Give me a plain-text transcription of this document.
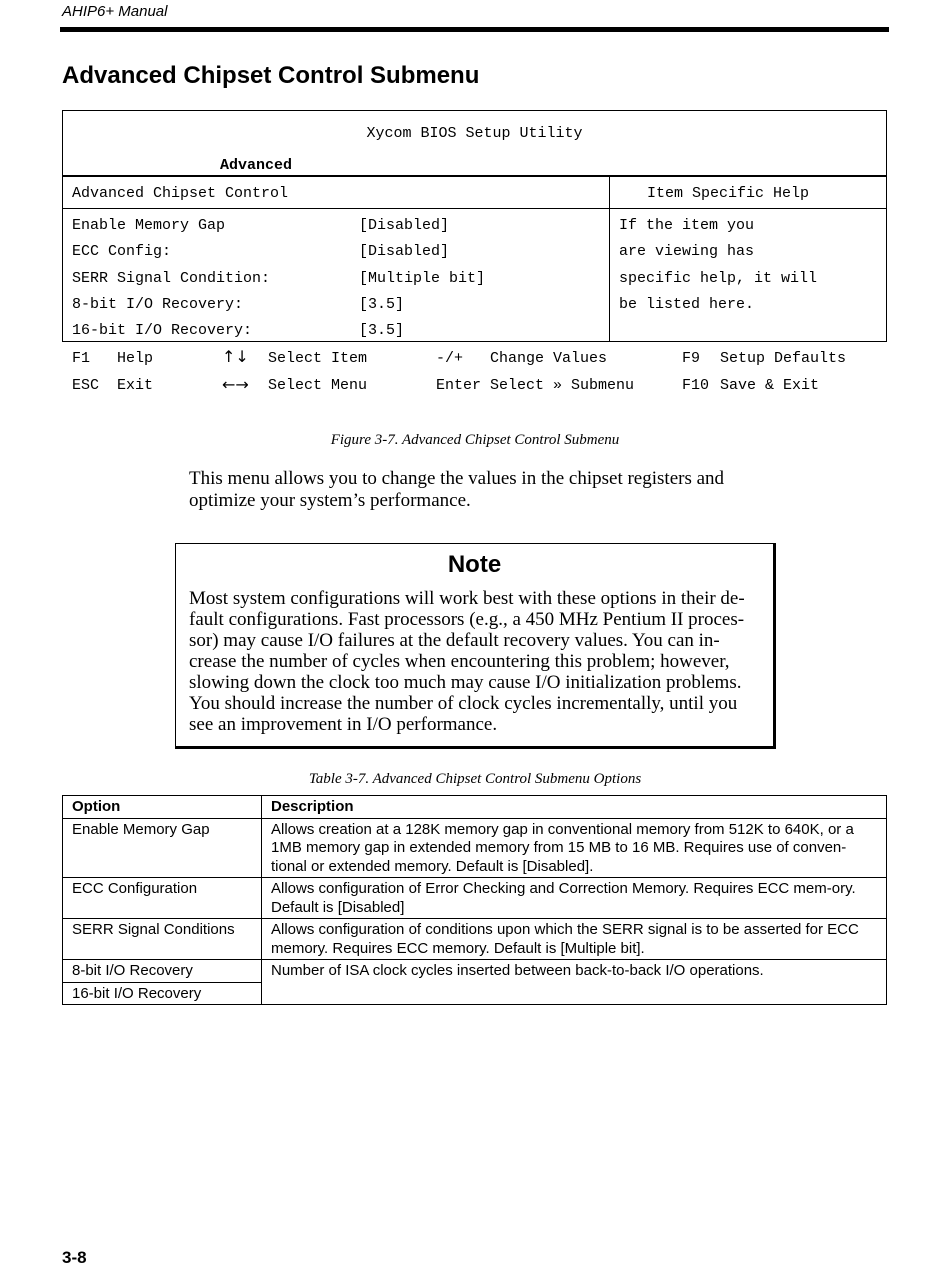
AHIP6+ Manual
Advanced Chipset Control Submenu
Xycom BIOS Setup Utility
Advanced
Advanced Chipset Control	Item Specific Help
Enable Memory Gap	[Disabled]
ECC Config:	[Disabled]
SERR Signal Condition:	[Multiple bit]
8-bit I/O Recovery:	[3.5]
16-bit I/O Recovery:	[3.5]
If the item you
are viewing has
specific help, it will
be listed here.
F1 Help
ESC Exit
↑↓ Select Item
←→ Select Menu
-/+ Change Values
Enter Select » Submenu
F9 Setup Defaults
F10 Save & Exit
Figure 3-7. Advanced Chipset Control Submenu

This menu allows you to change the values in the chipset registers and optimize your system’s performance.

Note
Most system configurations will work best with these options in their de-
fault configurations. Fast processors (e.g., a 450 MHz Pentium II proces-
sor) may cause I/O failures at the default recovery values. You can in-
crease the number of cycles when encountering this problem; however,
slowing down the clock too much may cause I/O initialization problems.
You should increase the number of clock cycles incrementally, until you
see an improvement in I/O performance.
Table 3-7. Advanced Chipset Control Submenu Options
Option	Description
Enable Memory Gap	Allows creation at a 128K memory gap in conventional memory from 512K to 640K, or a 1MB memory gap in extended memory from 15 MB to 16 MB. Requires use of conven-tional or extended memory. Default is [Disabled].
ECC Configuration	Allows configuration of Error Checking and Correction Memory. Requires ECC mem-ory. Default is [Disabled]
SERR Signal Conditions	Allows configuration of conditions upon which the SERR signal is to be asserted for ECC memory. Requires ECC memory. Default is [Multiple bit].
8-bit I/O Recovery	Number of ISA clock cycles inserted between back-to-back I/O operations.
16-bit I/O Recovery	
3-8
